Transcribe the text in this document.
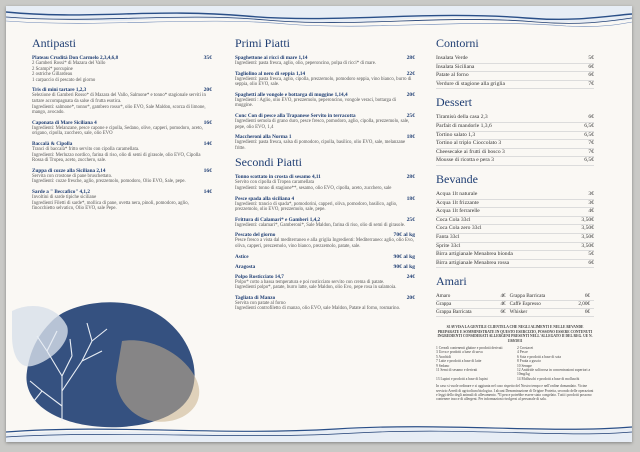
Antipasti
Plateau Crudità Don Carmelo 2,3,4,6,8	35€
2 Gamberi Rossi* di Mazara del Vallo
2 Scampi* porcupine
2 ostriche Gillardeau
1 carpaccio di pescato del giorno
Tris di mini tartare 1,2,3	20€
Selezione di Gamberi Rosso* di Mazara del Vallo, Salmone* e tonno* stagionale serviti in tartare accompagnata da salse di frutta esotica.
Ingredienti: salmone*, tonno*, gambero rosso*, olio EVO, Sale Maldon, scorza di limone, mango, avocado.
Caponata di Mare Siciliana 4	16€
Ingredienti: Melanzane, pesce capone e cipolla, Sedano, olive, capperi, pomodoro, aceto, origano, cipolla, zucchero, sale, olio EVO
Baccalà & Cipolla	14€
Tranci di baccalà* fritto servito con cipolla caramellata.
Ingredienti: Merluzzo nordico, farina di riso, olio di semi di girasole, olio EVO, Cipolla Rossa di Tropea, aceto, zucchero, sale.
Zuppa di cozze alla Siciliana 2,14	16€
Servita con crostone di pane bruschettato.
Ingredienti: cozze fresche, aglio, prezzemolo, pomodoro, Olio EVO, Sale, pepe.
Sarde a " Beccafico" 4,1,2	14€
Involtini di sarde tipiche siciliane
Ingredienti Filetti di sarde*, mollica di pane, uvetta nera, pinoli, pomodoro, aglio, finocchietto selvatico, Olio EVO, sale Pepe.
Primi Piatti
Spaghettone ai ricci di mare 1,14	28€
Ingredienti: pasta fresca, aglio, olio, peperoncino, polpa di ricci* di mare.
Tagliolino al nero di seppia 1,14	22€
Ingredienti: pasta fresca, aglio, cipolla, prezzemolo, pomodoro seppia, vino bianco, burro di seppia, olio EVO, sale.
Spaghetti alle vongole e bottarga di muggine 1,14,4	20€
Ingredienti : Aglio, olio EVO, prezzemolo, peperoncino, vongole veraci, bottarga di muggine.
Conc Con di pesce alla Trapanese Servito in terracotta	25€
Ingredienti semola di grano duro, pesce fresco, pomodoro, aglio, cipolla, prezzemolo, sale, pepe, olio EVO, 1,4
Maccheroni alla Norma 1	18€
Ingredienti: pasta fresca, salsa di pomodoro, cipolla, basilico, olio EVO, sale, melanzane fritte.
Secondi Piatti
Tonno scottato in crosta di sesamo 4,11	28€
Servito con cipolla di Tropea caramellata
Ingredienti: tonno di stagione**, sesamo, olio EVO, cipolla, aceto, zucchero, sale
Pesce spada alla siciliana 4	18€
Ingredienti: trancio di spada*, pomodorini, capperi, oliva, pomodoro, basilico, aglio, prezzemolo, olio EVO, prezzemolo, sale, pepe.
Frittura di Calamari* e Gamberi 1,4,2	25€
Ingredienti: calamari*, Gamberoni*, Sale Maldon, farina di riso, olio di semi di girasole.
Pescato del giorno	70€ al kg
Pesce fresco a vista dal mediterraneo e alla griglia Ingredienti: Mediterraneo: aglio, olio Evo, oliva, capperi, prezzemolo, vino bianco, prezzemolo, patate, sale.
Astice	90€ al kg
Aragosta	90€ al kg
Polpo Rosticciato 14,7	24€
Polpo* cotto a bassa temperatura e poi rosticciato servito con crema di patate.
Ingredienti polpo*, patate, burro latte, sale Maldon, olio Evo, pepe rosa in salamoia.
Tagliata di Manzo	20€
Servita con patate al forno
Ingredienti controfiletto di manzo, olio EVO, sale Maldon, Patate al forno, rosmarino.
Contorni
Insalata Verde	5€
Insalata Siciliana	6€
Patate al forno	6€
Verdure di stagione alla griglia	7€
Dessert
Tiramisù della casa 2,3	6€
Parfait di mandorle 1,3,6	6,5€
Tortino salato 1,3	6,5€
Tortino al triplo Cioccolato 3	7€
Cheesecake ai frutti di bosco 3	7€
Mousse di ricotta e pera 3	6,5€
Bevande
Acqua 1lt naturale	3€
Acqua 1lt frizzante	3€
Acqua 1lt ferrarelle	4€
Coca Cola 33cl	3,50€
Coca Cola zero 33cl	3,50€
Fanta 33cl	3,50€
Sprite 33cl	3,50€
Birra artigianale Menabrea bionda	5€
Birra artigianale Menabrea rossa	6€
Amari
Amaro	4€	Grappa Barricata	6€
Grappa	4€	Caffè Espresso	2,00€
Grappa Barricata	6€	Whisker	6€
SI AVVISA LA GENTILE CLIENTELA CHE NEGLI ALIMENTI E NELLE BEVANDE PREPARATE E SOMMINISTRATE IN QUESTO ESERCIZIO, POSSONO ESSERE CONTENUTI INGREDIENTI CONSIDERATI ALLERGENI PRESENTI NELL'ALLEGATO II DEL REG. UE N. 1169/2011
1 Cereali contenenti glutine e prodotti derivati	2 Crostacei
3 Uova e prodotti a base di uova	4 Pesce
5 Arachidi	6 Soia e prodotti a base di soia
7 Latte e prodotti a base di latte	8 Frutta a guscio
9 Sedano	10 Senape
11 Semi di sesamo e derivati	12 Anidride solforosa in concentrazioni superiori a 10mg/kg
13 Lupini e prodotti a base di lupini	14 Molluschi e prodotti a base di molluschi
In caso si vuole ordinare e si aggiunta nel caso rispetto del Nostro tempo e nell'ordine domandato. Vicine servizio Arredi di agricoltura biologica. I alcuni Denominazione di Origine Protetta, secondo delle operazioni e leggi dello degli animali di allevamento. *Il pesce potrebbe essere stato congelato. Tutti i prodotti possono contenere tracce di allergeni. Per informazioni rivolgersi al personale di sala.
